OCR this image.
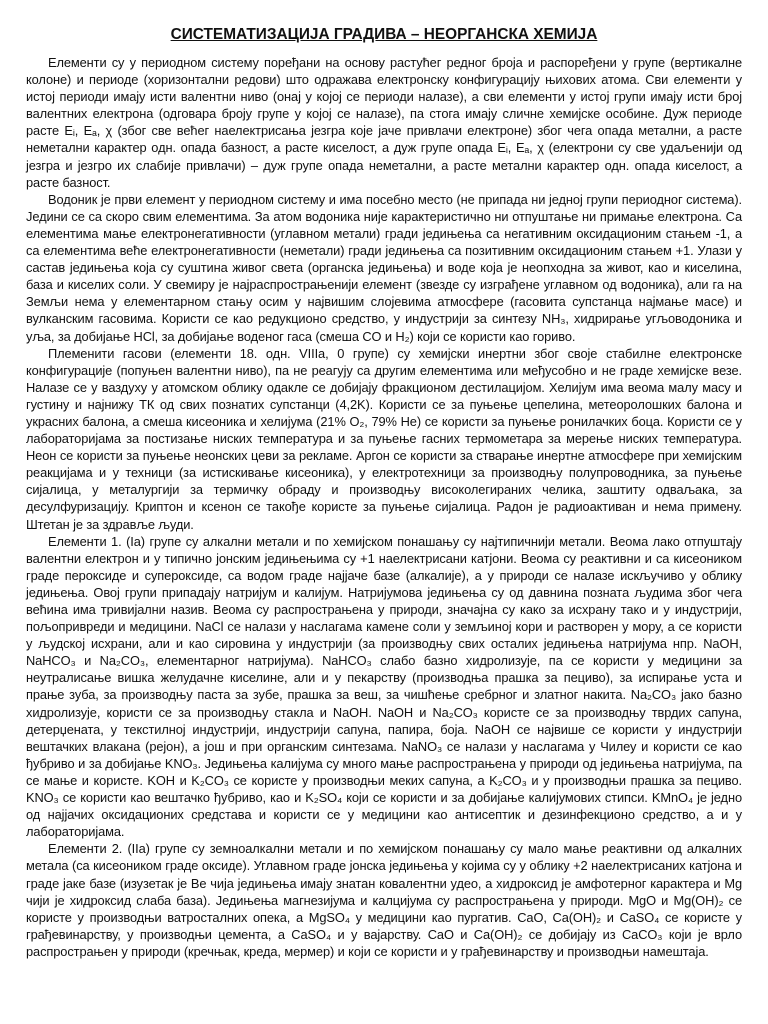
СИСТЕМАТИЗАЦИЈА ГРАДИВА – НЕОРГАНСКА ХЕМИЈА

Елементи су у периодном систему поређани на основу растућег редног броја и распоређени у групе (вертикалне колоне) и периоде (хоризонтални редови) што одражава електронску конфигурацију њихових атома. Сви елементи у истој периоди имају исти валентни ниво (онај у којој се периоди налазе), а сви елементи у истој групи имају исти број валентних електрона (одговара броју групе у којој се налазе), па стога имају сличне хемијске особине. Дуж периоде расте Eᵢ, Eₐ, χ (због све већег наелектрисања језгра које јаче привлачи електроне) због чега опада метални, а расте неметални карактер одн. опада базност, а расте киселост, а дуж групе опада Eᵢ, Eₐ, χ (електрони су све удаљенији од језгра и језгро их слабије привлачи) – дуж групе опада неметални, а расте метални карактер одн. опада киселост, а расте базност.

Водоник је први елемент у периодном систему и има посебно место (не припада ни једној групи периодног система). Једини се са скоро свим елементима. За атом водоника није карактеристично ни отпуштање ни примање електрона. Са елементима мање електронегативности (углавном метали) гради једињења са негативним оксидационим стањем -1, а са елементима веће електронегативности (неметали) гради једињења са позитивним оксидационим стањем +1. Улази у састав једињења која су суштина живог света (органска једињења) и воде која је неопходна за живот, као и киселина, база и киселих соли. У свемиру је најраспрострањенији елемент (звезде су изграђене углавном од водоника), али га на Земљи нема у елементарном стању осим у највишим слојевима атмосфере (гасовита супстанца најмање масе) и вулканским гасовима. Користи се као редукционо средство, у индустрији за синтезу NH₃, хидрирање угљоводоника и уља, за добијање HCl, за добијање воденог гаса (смеша CO и H₂) који се користи као гориво.

Племенити гасови (елементи 18. одн. VIIIa, 0 групе) су хемијски инертни због своје стабилне електронске конфигурације (попуњен валентни ниво), па не реагују са другим елементима или међусобно и не граде хемијске везе. Налазе се у ваздуху у атомском облику одакле се добијају фракционом дестилацијом. Хелијум има веома малу масу и густину и најнижу ТК од свих познатих супстанци (4,2K). Користи се за пуњење цепелина, метеоролошких балона и украсних балона, а смеша кисеоника и хелијума (21% O₂, 79% He) се користи за пуњење ронилачких боца. Користи се у лабораторијама за постизање ниских температура и за пуњење гасних термометара за мерење ниских температура. Неон се користи за пуњење неонских цеви за рекламе. Аргон се користи за стварање инертне атмосфере при хемијским реакцијама и у техници (за истискивање кисеоника), у електротехници за производњу полупроводника, за пуњење сијалица, у металургији за термичку обраду и производњу високолегираних челика, заштиту одваљака, за десулфуризацију. Криптон и ксенон се такође користе за пуњење сијалица. Радон је радиоактиван и нема примену. Штетан је за здравље људи.

Елементи 1. (Ia) групе су алкални метали и по хемијском понашању су најтипичнији метали. Веома лако отпуштају валентни електрон и у типично јонским једињењима су +1 наелектрисани катјони. Веома су реактивни и са кисеоником граде пероксиде и супероксиде, са водом граде најјаче базе (алкалије), а у природи се налазе искључиво у облику једињења. Овој групи припадају натријум и калијум. Натријумова једињења су од давнина позната људима због чега већина има тривијални назив. Веома су распрострањена у природи, значајна су како за исхрану тако и у индустрији, пољопривреди и медицини. NaCl се налази у наслагама камене соли у земљиној кори и растворен у мору, а се користи у људској исхрани, али и као сировина у индустрији (за производњу свих осталих једињења натријума нпр. NaOH, NaHCO₃ и Na₂CO₃, елементарног натријума). NaHCO₃ слабо базно хидролизује, па се користи у медицини за неутралисање вишка желудачне киселине, али и у пекарству (производња прашка за пециво), за испирање уста и прање зуба, за производњу паста за зубе, прашка за веш, за чишћење сребрног и златног накита. Na₂CO₃ јако базно хидролизује, користи се за производњу стакла и NaOH. NaOH и Na₂CO₃ користе се за производњу тврдих сапуна, детерџената, у текстилној индустрији, индустрији сапуна, папира, боја. NaOH се највише се користи у индустрији вештачких влакана (рејон), а још и при органским синтезама. NaNO₃ се налази у наслагама у Чилеу и користи се као ђубриво и за добијање KNO₃. Једињења калијума су много мање распрострањена у природи од једињења натријума, па се мање и користе. KOH и K₂CO₃ се користе у производњи меких сапуна, а K₂CO₃ и у производњи прашка за пециво. KNO₃ се користи као вештачко ђубриво, као и K₂SO₄ који се користи и за добијање калијумових стипси. KMnO₄ је једно од најјачих оксидационих средстава и користи се у медицини као антисептик и дезинфекционо средство, а и у лабораторијама.

Елементи 2. (IIa) групе су земноалкални метали и по хемијском понашању су мало мање реактивни од алкалних метала (са кисеоником граде оксиде). Углавном граде јонска једињења у којима су у облику +2 наелектрисаних катјона и граде јаке базе (изузетак је Be чија једињења имају знатан ковалентни удео, а хидроксид је амфотерног карактера и Mg чији је хидроксид слаба база). Једињења магнезијума и калцијума су распрострањена у природи. MgO и Mg(OH)₂ се користе у производњи ватросталних опека, а MgSO₄ у медицини као пургатив. CaO, Ca(OH)₂ и CaSO₄ се користе у грађевинарству, у производњи цемента, а CaSO₄ и у вајарству. CaO и Ca(OH)₂ се добијају из CaCO₃ који је врло распрострањен у природи (кречњак, креда, мермер) и који се користи и у грађевинарству и производњи намештаја.
